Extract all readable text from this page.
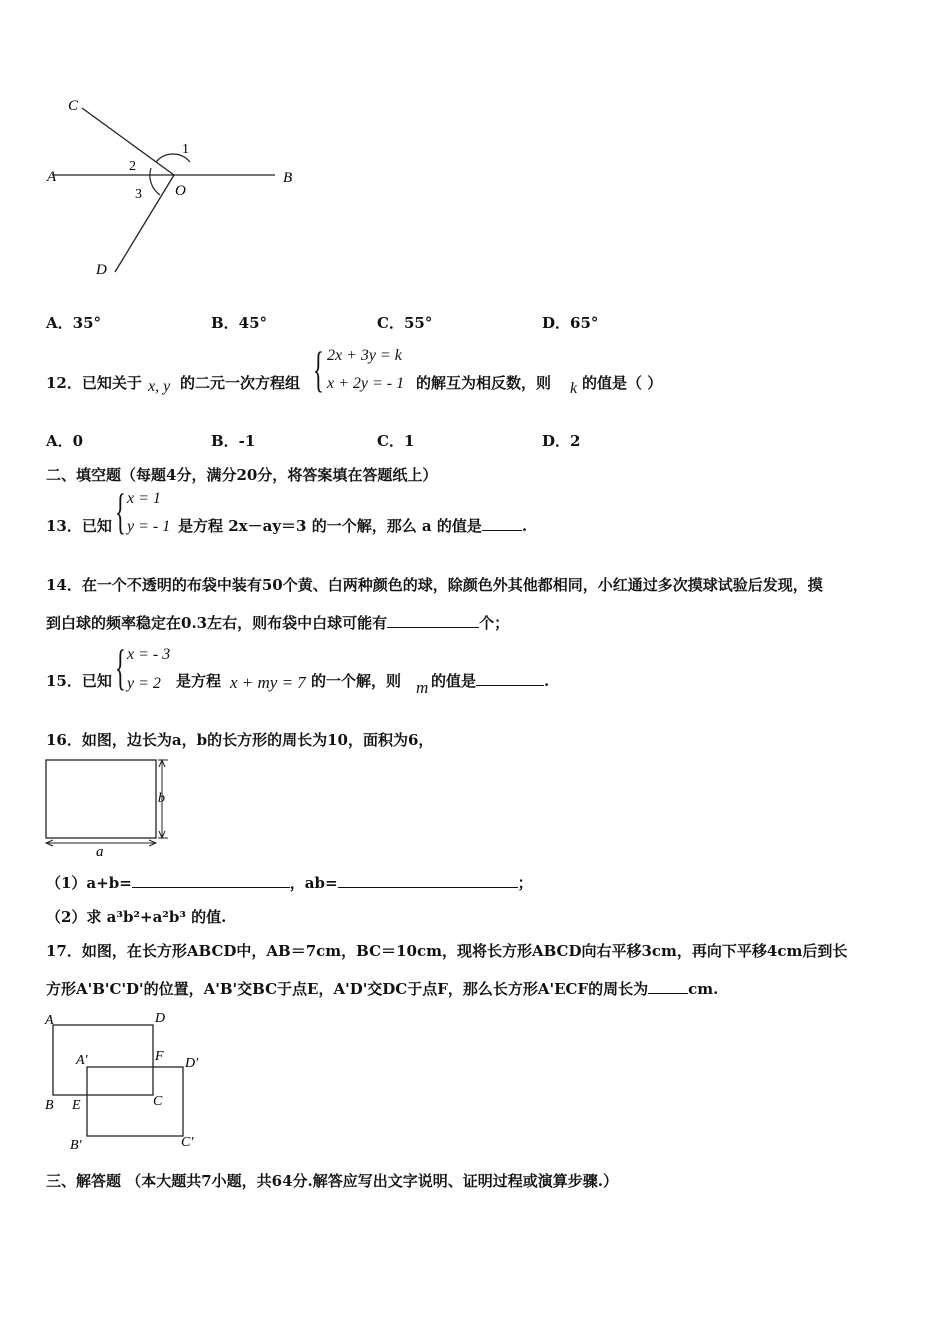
C
A	B
D
O
1
2
3
A．35°	B．45°	C．55°	D．65°
12．已知关于 x, y 的二元一次方程组 { 2x + 3y = k
x + 2y = - 1 的解互为相反数，则 k 的值是（ ）
A．0	B．-1	C．1	D．2
二、填空题（每题4分，满分20分，将答案填在答题纸上）
13．已知 { x = 1
y = - 1 是方程 2x－ay＝3 的一个解，那么 a 的值是	.
14．在一个不透明的布袋中装有50个黄、白两种颜色的球，除颜色外其他都相同，小红通过多次摸球试验后发现，摸
到白球的频率稳定在0.3左右，则布袋中白球可能有	个；
15．已知 { x = - 3
y = 2 是方程 x + my = 7 的一个解，则 m 的值是	.
16．如图，边长为a，b的长方形的周长为10，面积为6，
b
a
（1）a+b=	，ab=	；
（2）求 a³b²+a²b³ 的值.
17．如图，在长方形ABCD中，AB＝7cm，BC＝10cm，现将长方形ABCD向右平移3cm，再向下平移4cm后到长
方形A'B'C'D'的位置，A'B'交BC于点E，A'D'交DC于点F，那么长方形A'ECF的周长为	cm.
A	D
A′	F D′
B E	C
B′	C′
三、解答题 （本大题共7小题，共64分.解答应写出文字说明、证明过程或演算步骤.）
